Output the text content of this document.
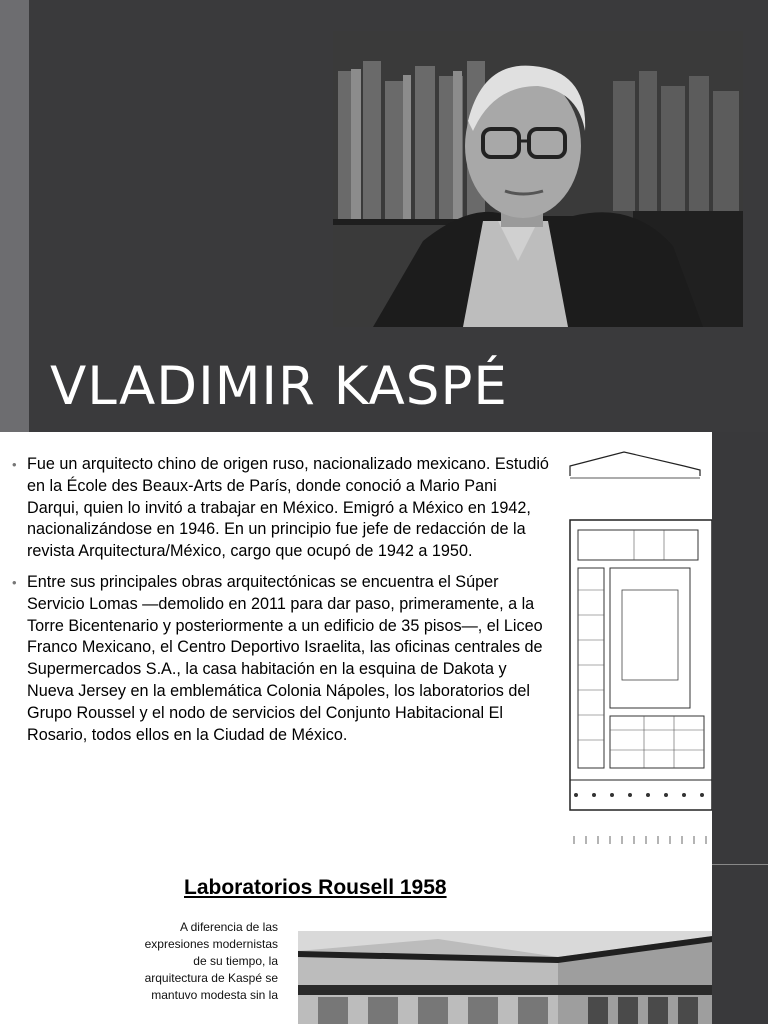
VLADIMIR KASPÉ
• Fue un arquitecto chino de origen ruso, nacionalizado mexicano. Estudió en la École des Beaux-Arts de París, donde conoció a Mario Pani Darqui, quien lo invitó a trabajar en México. Emigró a México en 1942, nacionalizándose en 1946. En un principio fue jefe de redacción de la revista Arquitectura/México, cargo que ocupó de 1942 a 1950.
• Entre sus principales obras arquitectónicas se encuentra el Súper Servicio Lomas —demolido en 2011 para dar paso, primeramente, a la Torre Bicentenario y posteriormente a un edificio de 35 pisos—, el Liceo Franco Mexicano, el Centro Deportivo Israelita, las oficinas centrales de Supermercados S.A., la casa habitación en la esquina de Dakota y Nueva Jersey en la emblemática Colonia Nápoles, los laboratorios del Grupo Roussel y el nodo de servicios del Conjunto Habitacional El Rosario, todos ellos en la Ciudad de México.
Laboratorios Rousell 1958

A diferencia de las expresiones modernistas de su tiempo, la arquitectura de Kaspé se mantuvo modesta sin la
